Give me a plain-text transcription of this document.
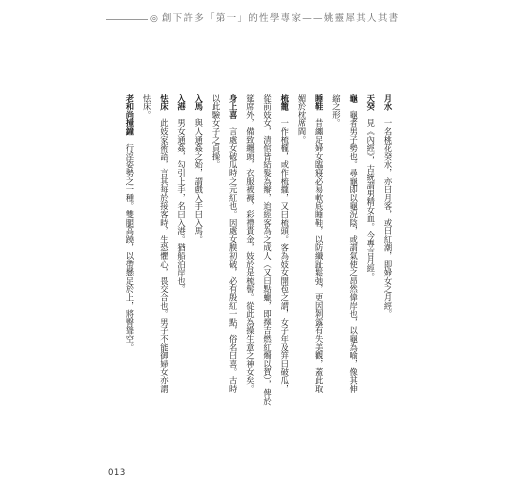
◎ 創下許多「第一」的性學專家——姚靈犀其人其書
月水一名桃花癸水，亦曰月客，或曰紅潮，即婦女之月經。
天癸見《內經》，古統謂男精女血。今專言月經。
龜龜者男子勢也。尋龜即以龜況陰，或謂氣使之昂然偉岸也，以龜為喻，像其伸
縮之形。
睡鞋昔纏足婦女臨寢必易軟底睡鞋，以防纖趾鬆弛，更因剝露有失美觀，蓋此取
媚於枕席間。
梳籠一作梳櫳，或作梳攏，又曰梳頭。客為妓女開苞之謂，女子年及笄曰破瓜，
從前妓女，清倌皆結髮為辮，迨經客為之成人（又曰點蠟，即擇吉燃紅燭以賀），俾於
筵席外，備致纏頭，衣服被褥，彩禮貴金，妓於是梳髻。從此為操生意之神女矣。
身上喜言處女破瓜時之元紅也。因處女膜初破，必有殷紅一點，俗名曰喜。古時
以此驗女子之貞操。
入馬與人通姦之始，謂戲入手曰入馬。
入港男女通姦，勾引上手，名曰入港。猶船泊岸也。
怯床此妓家術語，言其每於接客時，生恐懼心，畏交合也。男子不能御婦女亦謂
怯床。
老和尚撞鐘行淫姿勢之一種。雙腿高蹺，以帶懸足於上，將臀聳空。
013
